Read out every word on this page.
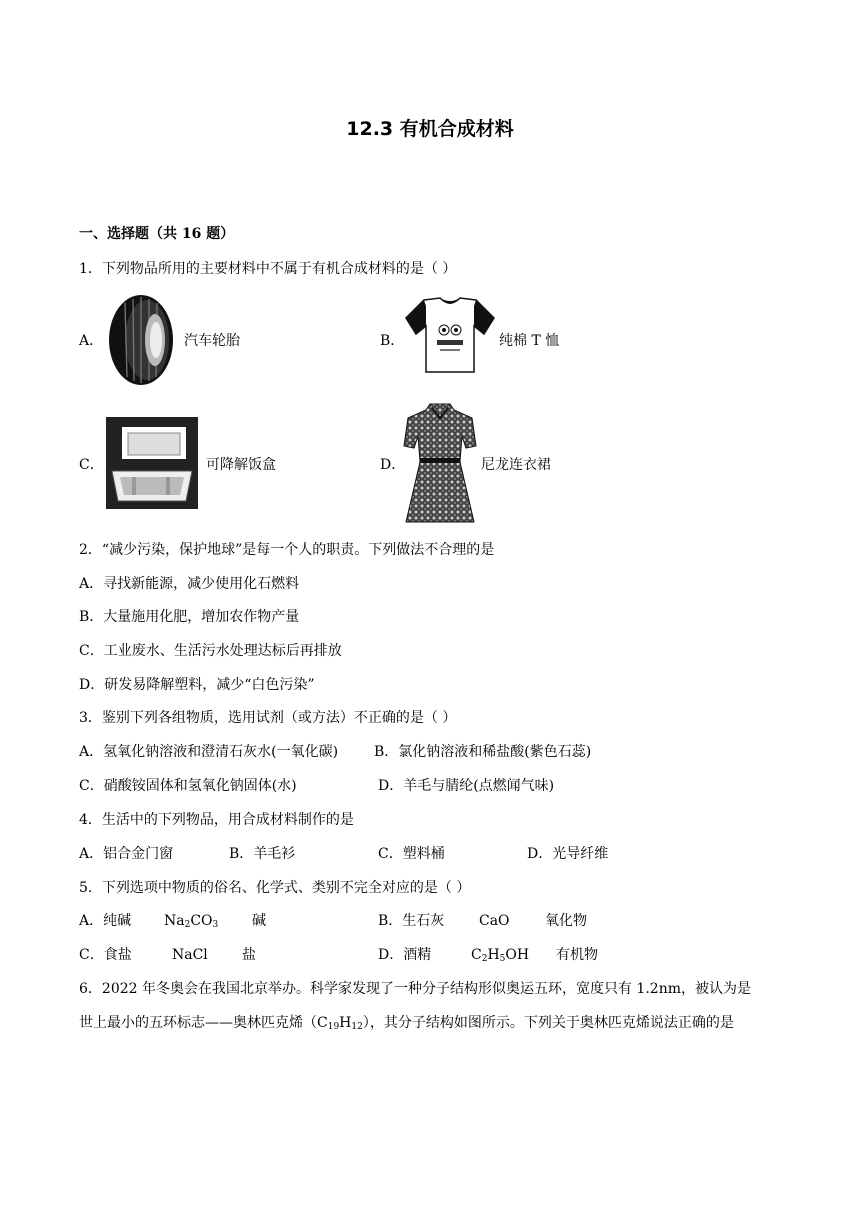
12.3 有机合成材料
一、选择题（共 16 题）
1．下列物品所用的主要材料中不属于有机合成材料的是（ ）
A．	汽车轮胎	B．	纯棉 T 恤
C．	可降解饭盒	D．	尼龙连衣裙
2．“减少污染，保护地球”是每一个人的职责。下列做法不合理的是
A．寻找新能源，减少使用化石燃料
B．大量施用化肥，增加农作物产量
C．工业废水、生活污水处理达标后再排放
D．研发易降解塑料，减少“白色污染”
3．鉴别下列各组物质，选用试剂（或方法）不正确的是（ ）
A．氢氧化钠溶液和澄清石灰水(一氧化碳)	B．氯化钠溶液和稀盐酸(紫色石蕊)
C．硝酸铵固体和氢氧化钠固体(水)	D．羊毛与腈纶(点燃闻气味)
4．生活中的下列物品，用合成材料制作的是
A．铝合金门窗	B．羊毛衫	C．塑料桶	D．光导纤维
5．下列选项中物质的俗名、化学式、类别不完全对应的是（ ）
A．纯碱 $Na_2CO_3$ 碱	B．生石灰 CaO	氧化物
C．食盐	NaCl 盐	D．酒精	$C_2H_5OH$ 有机物
6．2022 年冬奥会在我国北京举办。科学家发现了一种分子结构形似奥运五环，宽度只有 1.2nm，被认为是
世上最小的五环标志——奥林匹克烯$(C_{19}H_{12})$，其分子结构如图所示。下列关于奥林匹克烯说法正确的是
